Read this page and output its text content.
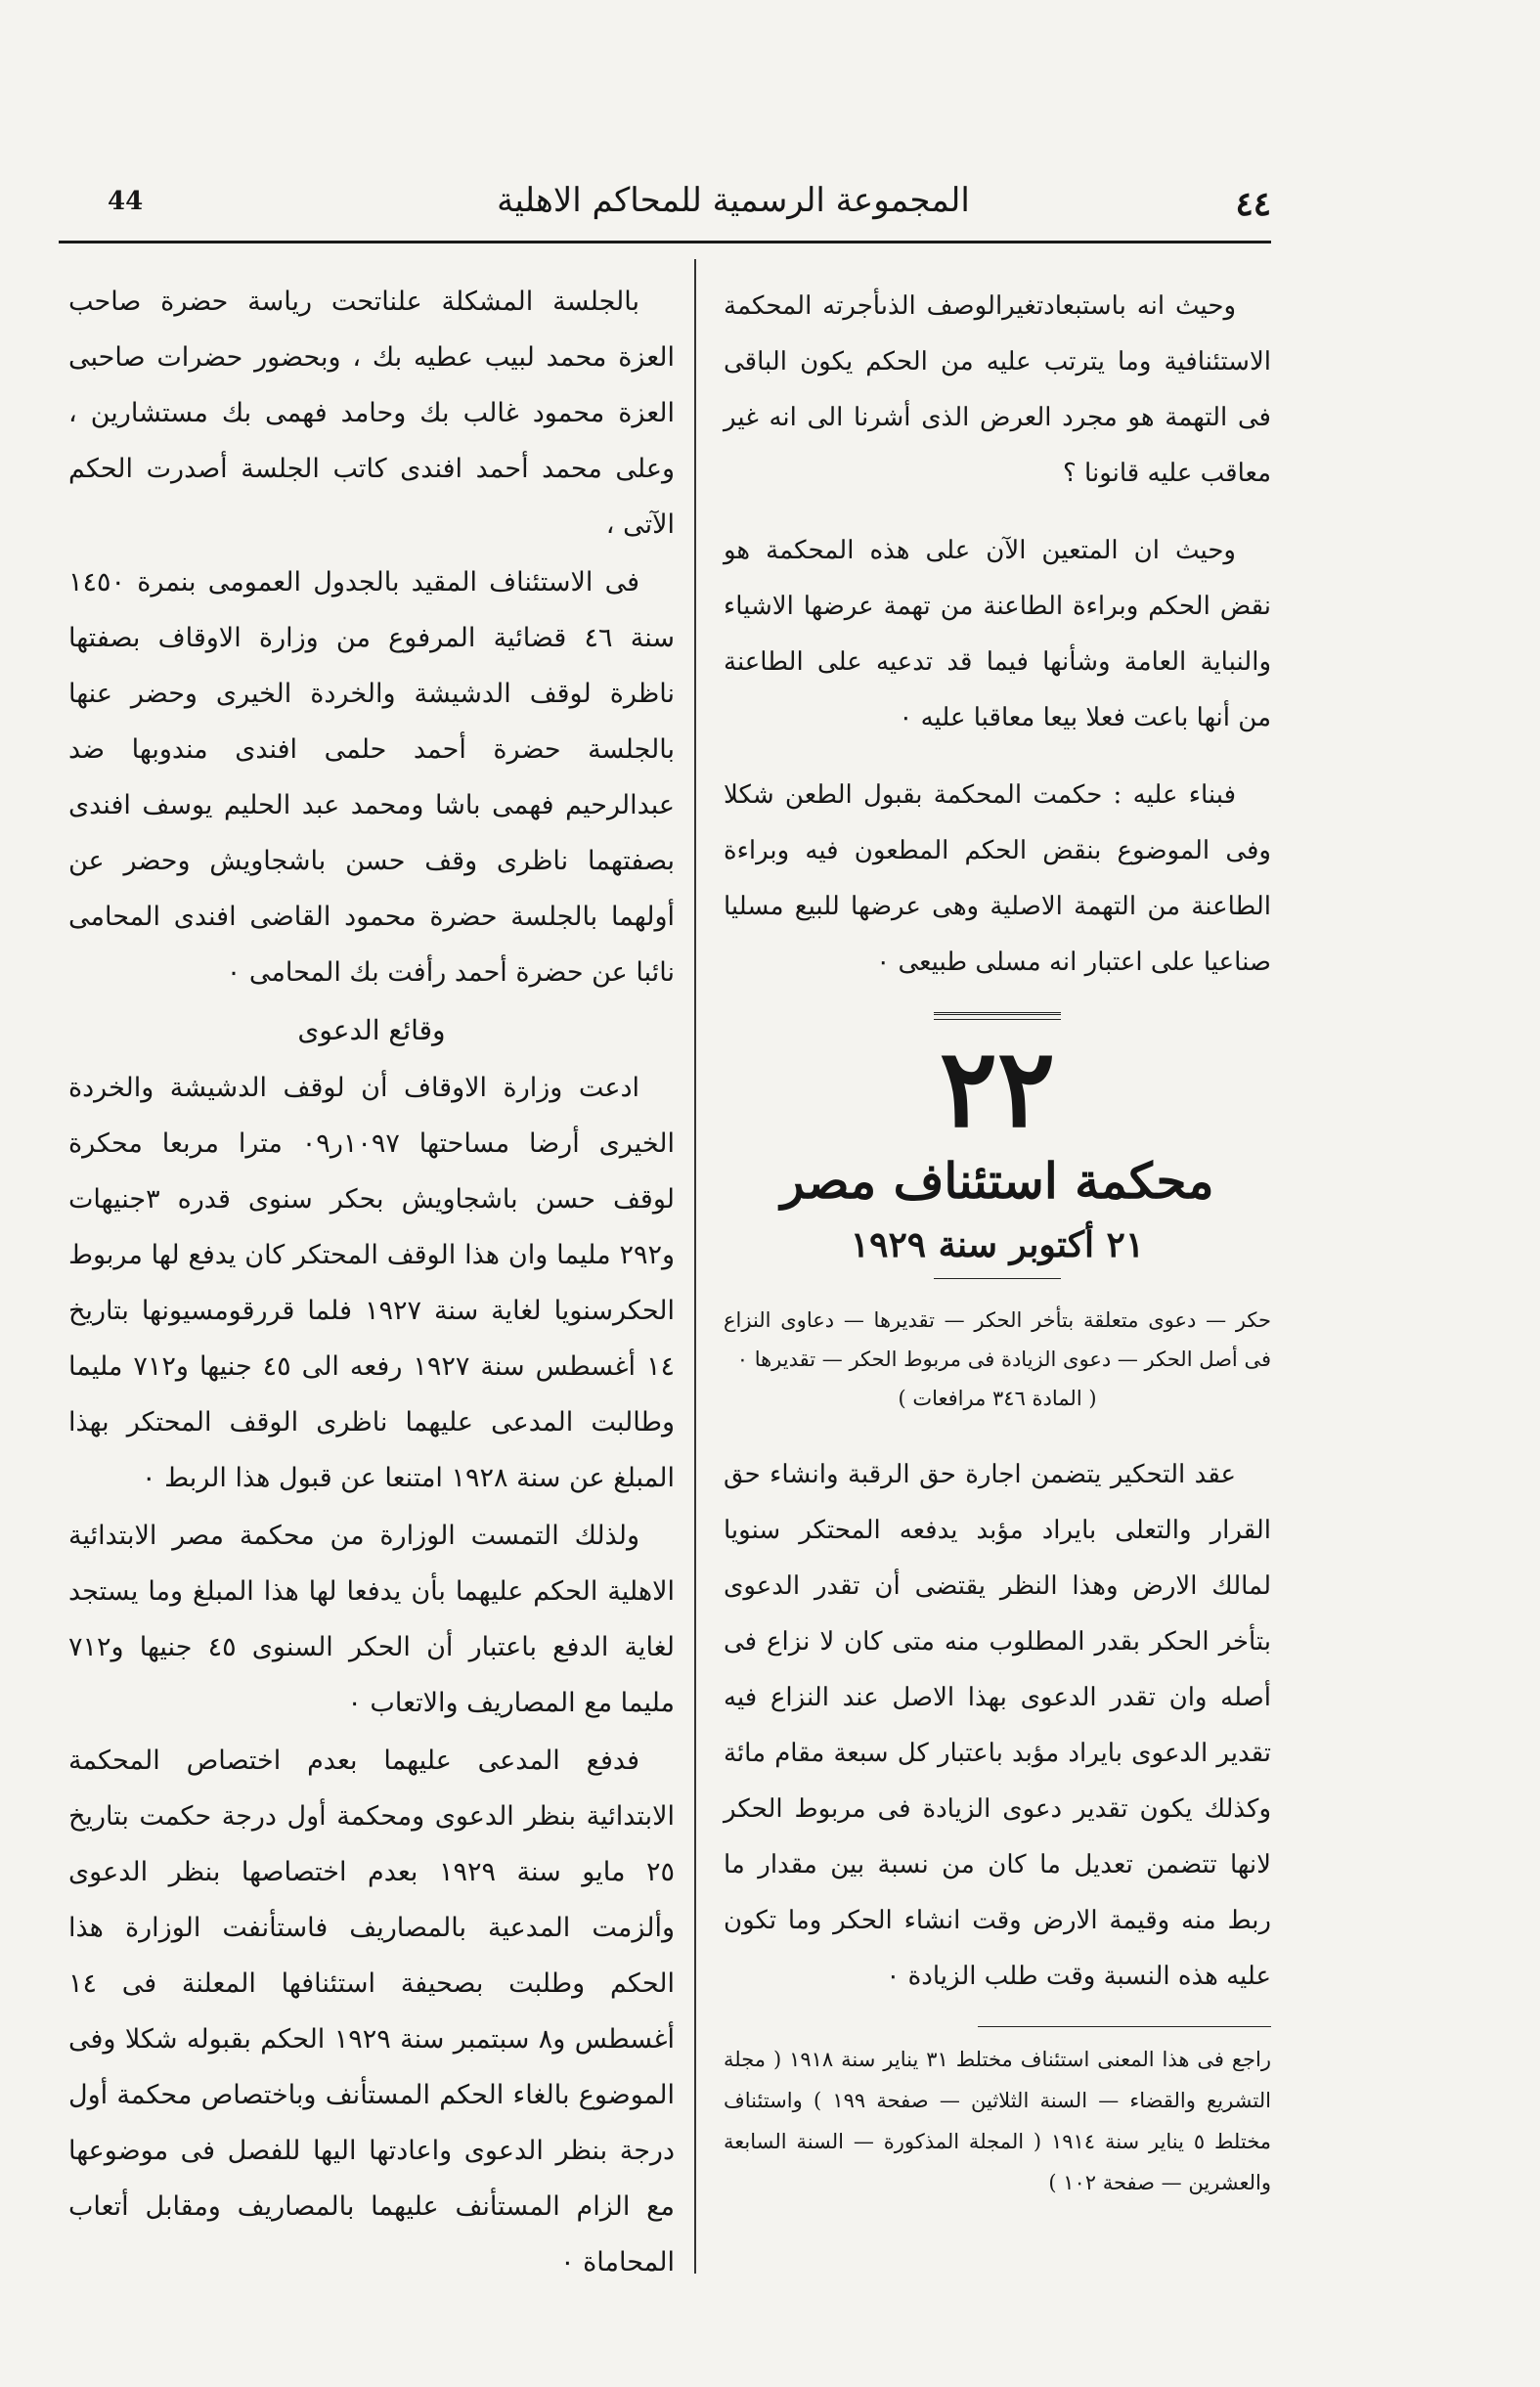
44	المجموعة الرسمية للمحاكم الاهلية	٤٤

وحيث انه باستبعادتغيرالوصف الذىأجرته المحكمة الاستئنافية وما يترتب عليه من الحكم يكون الباقى فى التهمة هو مجرد العرض الذى أشرنا الى انه غير معاقب عليه قانونا ؟

وحيث ان المتعين الآن على هذه المحكمة هو نقض الحكم وبراءة الطاعنة من تهمة عرضها الاشياء والنباية العامة وشأنها فيما قد تدعيه على الطاعنة من أنها باعت فعلا بيعا معاقبا عليه ٠

فبناء عليه : حكمت المحكمة بقبول الطعن شكلا وفى الموضوع بنقض الحكم المطعون فيه وبراءة الطاعنة من التهمة الاصلية وهى عرضها للبيع مسليا صناعيا على اعتبار انه مسلى طبيعى ٠

٢٢
محكمة استئناف مصر
٢١ أكتوبر سنة ١٩٢٩

حكر — دعوى متعلقة بتأخر الحكر — تقديرها — دعاوى النزاع فى أصل الحكر — دعوى الزيادة فى مربوط الحكر — تقديرها ٠

( المادة ٣٤٦ مرافعات )

عقد التحكير يتضمن اجارة حق الرقبة وانشاء حق القرار والتعلى بايراد مؤبد يدفعه المحتكر سنويا لمالك الارض وهذا النظر يقتضى أن تقدر الدعوى بتأخر الحكر بقدر المطلوب منه متى كان لا نزاع فى أصله وان تقدر الدعوى بهذا الاصل عند النزاع فيه تقدير الدعوى بايراد مؤبد باعتبار كل سبعة مقام مائة وكذلك يكون تقدير دعوى الزيادة فى مربوط الحكر لانها تتضمن تعديل ما كان من نسبة بين مقدار ما ربط منه وقيمة الارض وقت انشاء الحكر وما تكون عليه هذه النسبة وقت طلب الزيادة ٠

راجع فى هذا المعنى استئناف مختلط ٣١ يناير سنة ١٩١٨ ( مجلة التشريع والقضاء — السنة الثلاثين — صفحة ١٩٩ ) واستئناف مختلط ٥ يناير سنة ١٩١٤ ( المجلة المذكورة — السنة السابعة والعشرين — صفحة ١٠٢ )

بالجلسة المشكلة علناتحت رياسة حضرة صاحب العزة محمد لبيب عطيه بك ، وبحضور حضرات صاحبى العزة محمود غالب بك وحامد فهمى بك مستشارين ، وعلى محمد أحمد افندى كاتب الجلسة أصدرت الحكم الآتى ،

فى الاستئناف المقيد بالجدول العمومى بنمرة ١٤٥٠ سنة ٤٦ قضائية المرفوع من وزارة الاوقاف بصفتها ناظرة لوقف الدشيشة والخردة الخيرى وحضر عنها بالجلسة حضرة أحمد حلمى افندى مندوبها ضد عبدالرحيم فهمى باشا ومحمد عبد الحليم يوسف افندى بصفتهما ناظرى وقف حسن باشجاويش وحضر عن أولهما بالجلسة حضرة محمود القاضى افندى المحامى نائبا عن حضرة أحمد رأفت بك المحامى ٠

وقائع الدعوى

ادعت وزارة الاوقاف أن لوقف الدشيشة والخردة الخيرى أرضا مساحتها ١٠٩٧ر٠٩ مترا مربعا محكرة لوقف حسن باشجاويش بحكر سنوى قدره ٣جنيهات و٢٩٢ مليما وان هذا الوقف المحتكر كان يدفع لها مربوط الحكرسنويا لغاية سنة ١٩٢٧ فلما قررقومسيونها بتاريخ ١٤ أغسطس سنة ١٩٢٧ رفعه الى ٤٥ جنيها و٧١٢ مليما وطالبت المدعى عليهما ناظرى الوقف المحتكر بهذا المبلغ عن سنة ١٩٢٨ امتنعا عن قبول هذا الربط ٠

ولذلك التمست الوزارة من محكمة مصر الابتدائية الاهلية الحكم عليهما بأن يدفعا لها هذا المبلغ وما يستجد لغاية الدفع باعتبار أن الحكر السنوى ٤٥ جنيها و٧١٢ مليما مع المصاريف والاتعاب ٠

فدفع المدعى عليهما بعدم اختصاص المحكمة الابتدائية بنظر الدعوى ومحكمة أول درجة حكمت بتاريخ ٢٥ مايو سنة ١٩٢٩ بعدم اختصاصها بنظر الدعوى وألزمت المدعية بالمصاريف فاستأنفت الوزارة هذا الحكم وطلبت بصحيفة استئنافها المعلنة فى ١٤ أغسطس و٨ سبتمبر سنة ١٩٢٩ الحكم بقبوله شكلا وفى الموضوع بالغاء الحكم المستأنف وباختصاص محكمة أول درجة بنظر الدعوى واعادتها اليها للفصل فى موضوعها مع الزام المستأنف عليهما بالمصاريف ومقابل أتعاب المحاماة ٠
